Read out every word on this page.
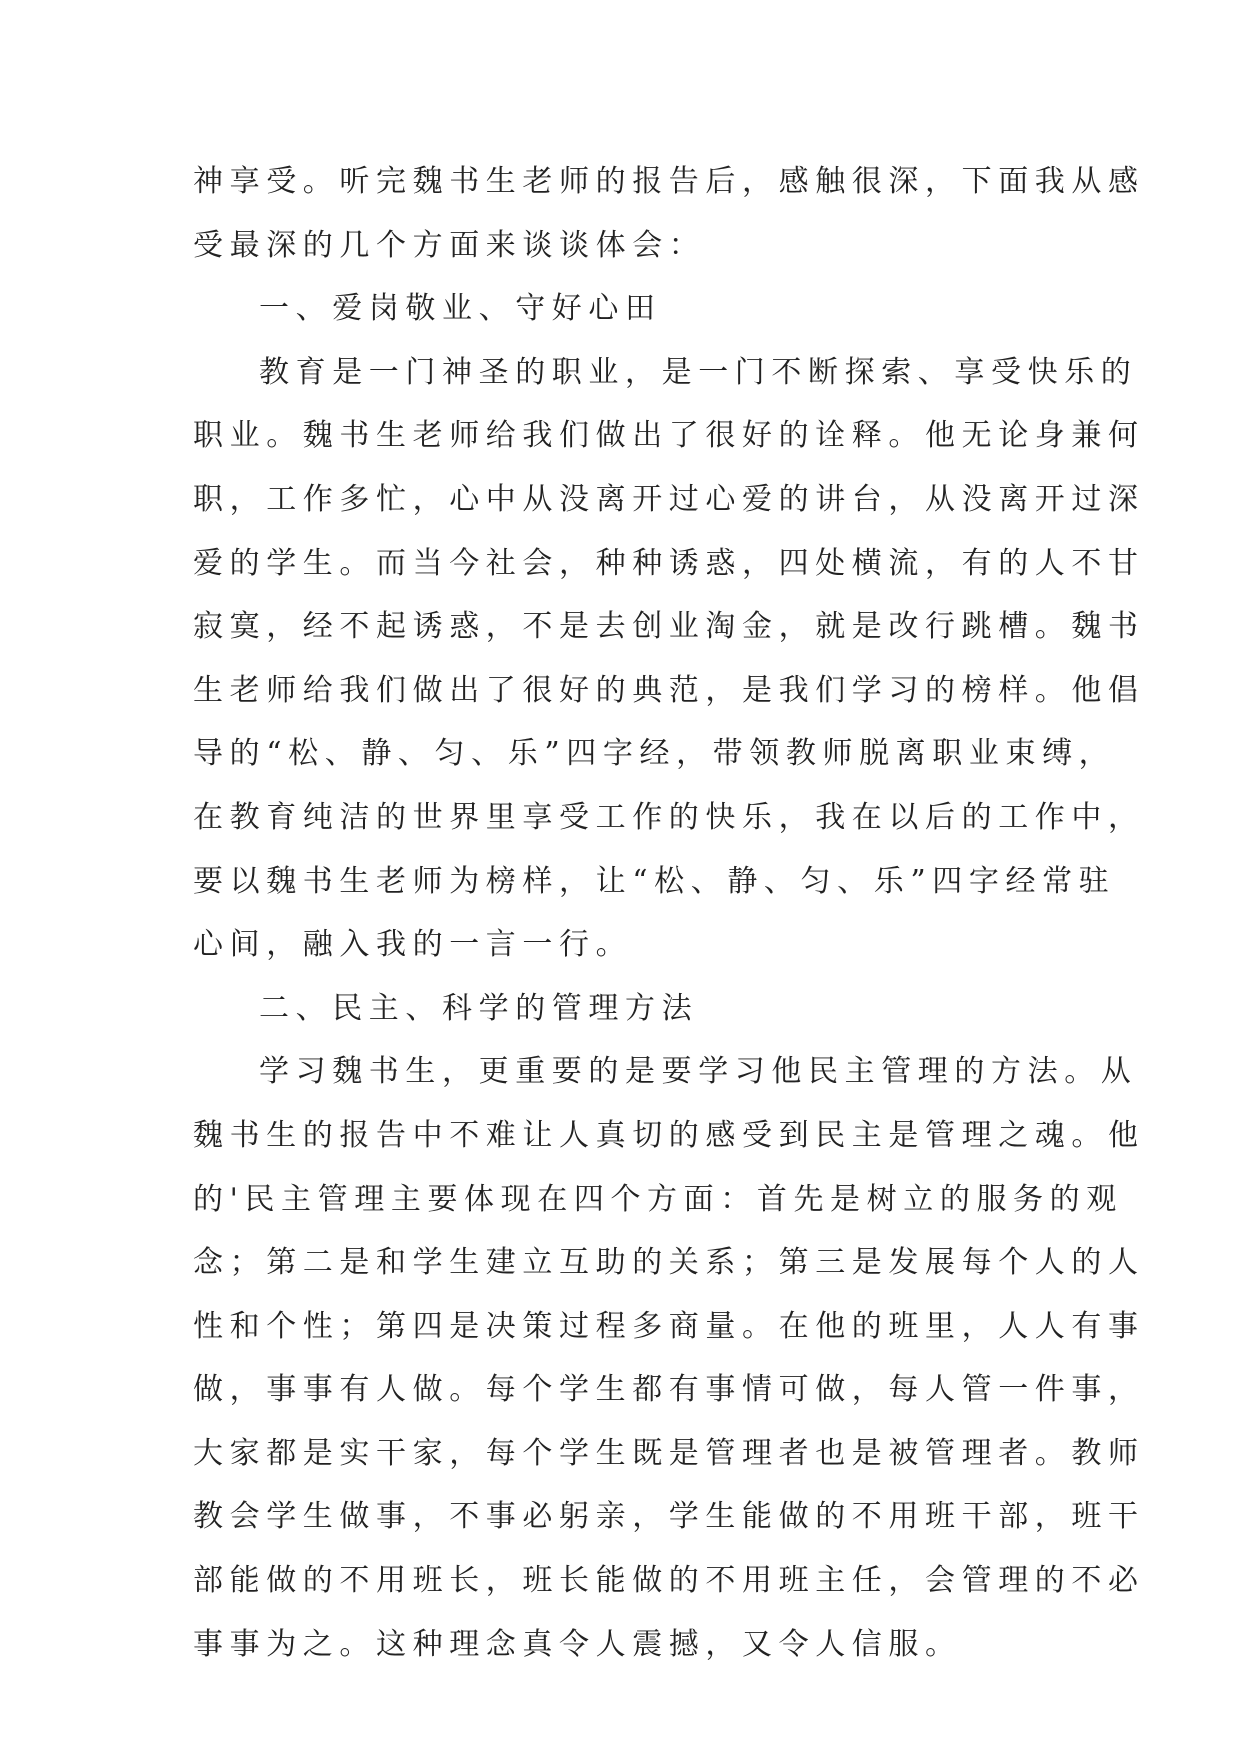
神享受。听完魏书生老师的报告后，感触很深，下面我从感
受最深的几个方面来谈谈体会：
一、爱岗敬业、守好心田
教育是一门神圣的职业，是一门不断探索、享受快乐的
职业。魏书生老师给我们做出了很好的诠释。他无论身兼何
职，工作多忙，心中从没离开过心爱的讲台，从没离开过深
爱的学生。而当今社会，种种诱惑，四处横流，有的人不甘
寂寞，经不起诱惑，不是去创业淘金，就是改行跳槽。魏书
生老师给我们做出了很好的典范，是我们学习的榜样。他倡
导的“松、静、匀、乐”四字经，带领教师脱离职业束缚，
在教育纯洁的世界里享受工作的快乐，我在以后的工作中，
要以魏书生老师为榜样，让“松、静、匀、乐”四字经常驻
心间，融入我的一言一行。
二、民主、科学的管理方法
学习魏书生，更重要的是要学习他民主管理的方法。从
魏书生的报告中不难让人真切的感受到民主是管理之魂。他
的'民主管理主要体现在四个方面：首先是树立的服务的观
念；第二是和学生建立互助的关系；第三是发展每个人的人
性和个性；第四是决策过程多商量。在他的班里，人人有事
做，事事有人做。每个学生都有事情可做，每人管一件事，
大家都是实干家，每个学生既是管理者也是被管理者。教师
教会学生做事，不事必躬亲，学生能做的不用班干部，班干
部能做的不用班长，班长能做的不用班主任，会管理的不必
事事为之。这种理念真令人震撼，又令人信服。
